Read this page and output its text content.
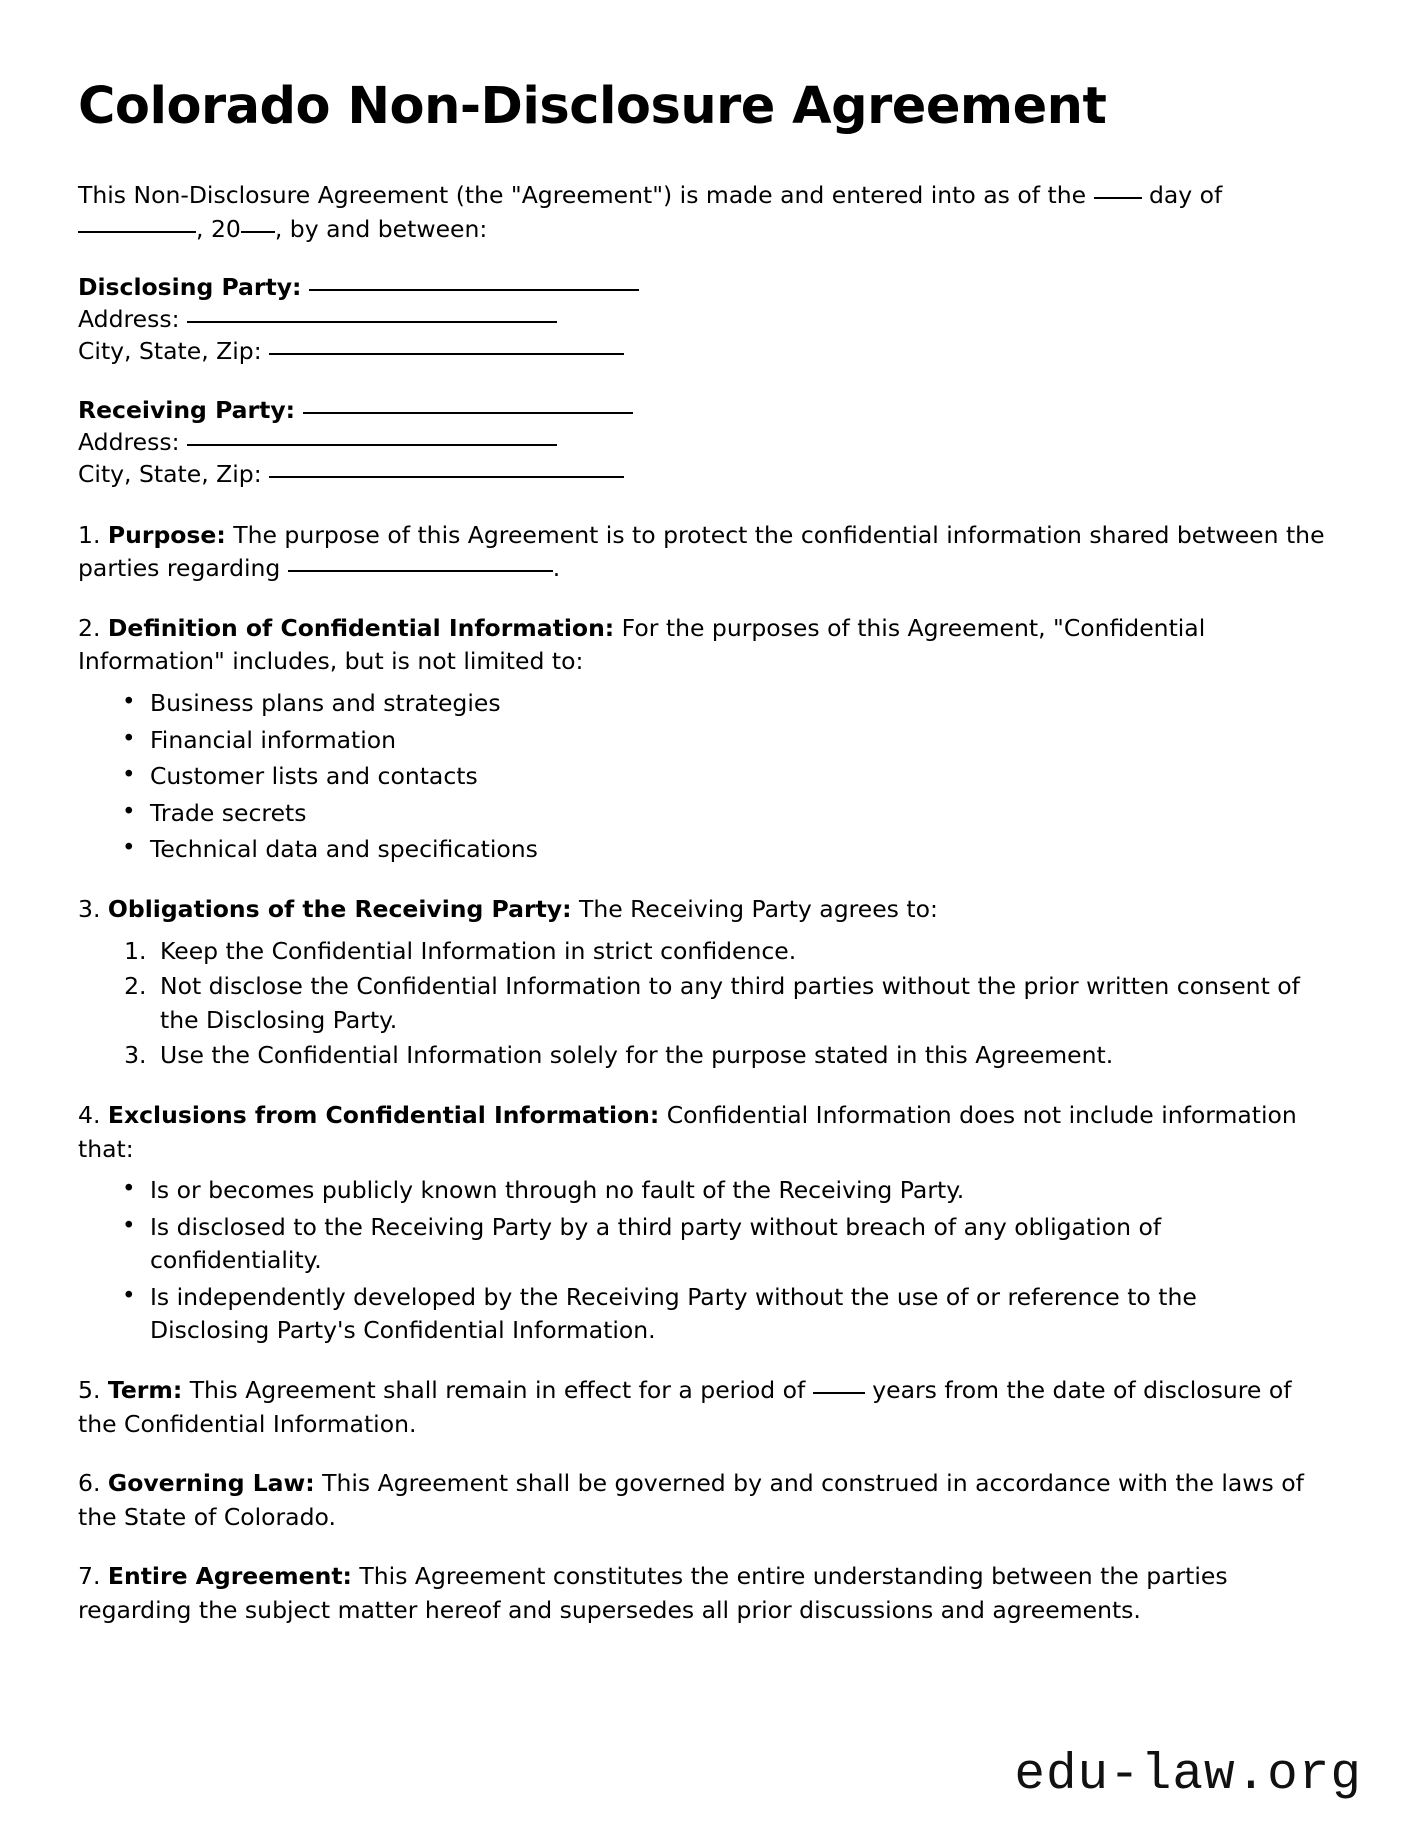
Colorado Non-Disclosure Agreement

This Non-Disclosure Agreement (the "Agreement") is made and entered into as of the  day of , 20 , by and between:

Disclosing Party:
Address:
City, State, Zip:
Receiving Party:
Address:
City, State, Zip:

1. Purpose: The purpose of this Agreement is to protect the confidential information shared between the parties regarding	.

2. Definition of Confidential Information: For the purposes of this Agreement, "Confidential Information" includes, but is not limited to:

• Business plans and strategies
• Financial information
• Customer lists and contacts
• Trade secrets
• Technical data and specifications

3. Obligations of the Receiving Party: The Receiving Party agrees to:

1. Keep the Confidential Information in strict confidence.
2. Not disclose the Confidential Information to any third parties without the prior written consent of the Disclosing Party.
3. Use the Confidential Information solely for the purpose stated in this Agreement.

4. Exclusions from Confidential Information: Confidential Information does not include information that:

• Is or becomes publicly known through no fault of the Receiving Party.
• Is disclosed to the Receiving Party by a third party without breach of any obligation of confidentiality.
• Is independently developed by the Receiving Party without the use of or reference to the Disclosing Party's Confidential Information.

5. Term: This Agreement shall remain in effect for a period of  years from the date of disclosure of the Confidential Information.

6. Governing Law: This Agreement shall be governed by and construed in accordance with the laws of the State of Colorado.

7. Entire Agreement: This Agreement constitutes the entire understanding between the parties regarding the subject matter hereof and supersedes all prior discussions and agreements.

edu-law.org
